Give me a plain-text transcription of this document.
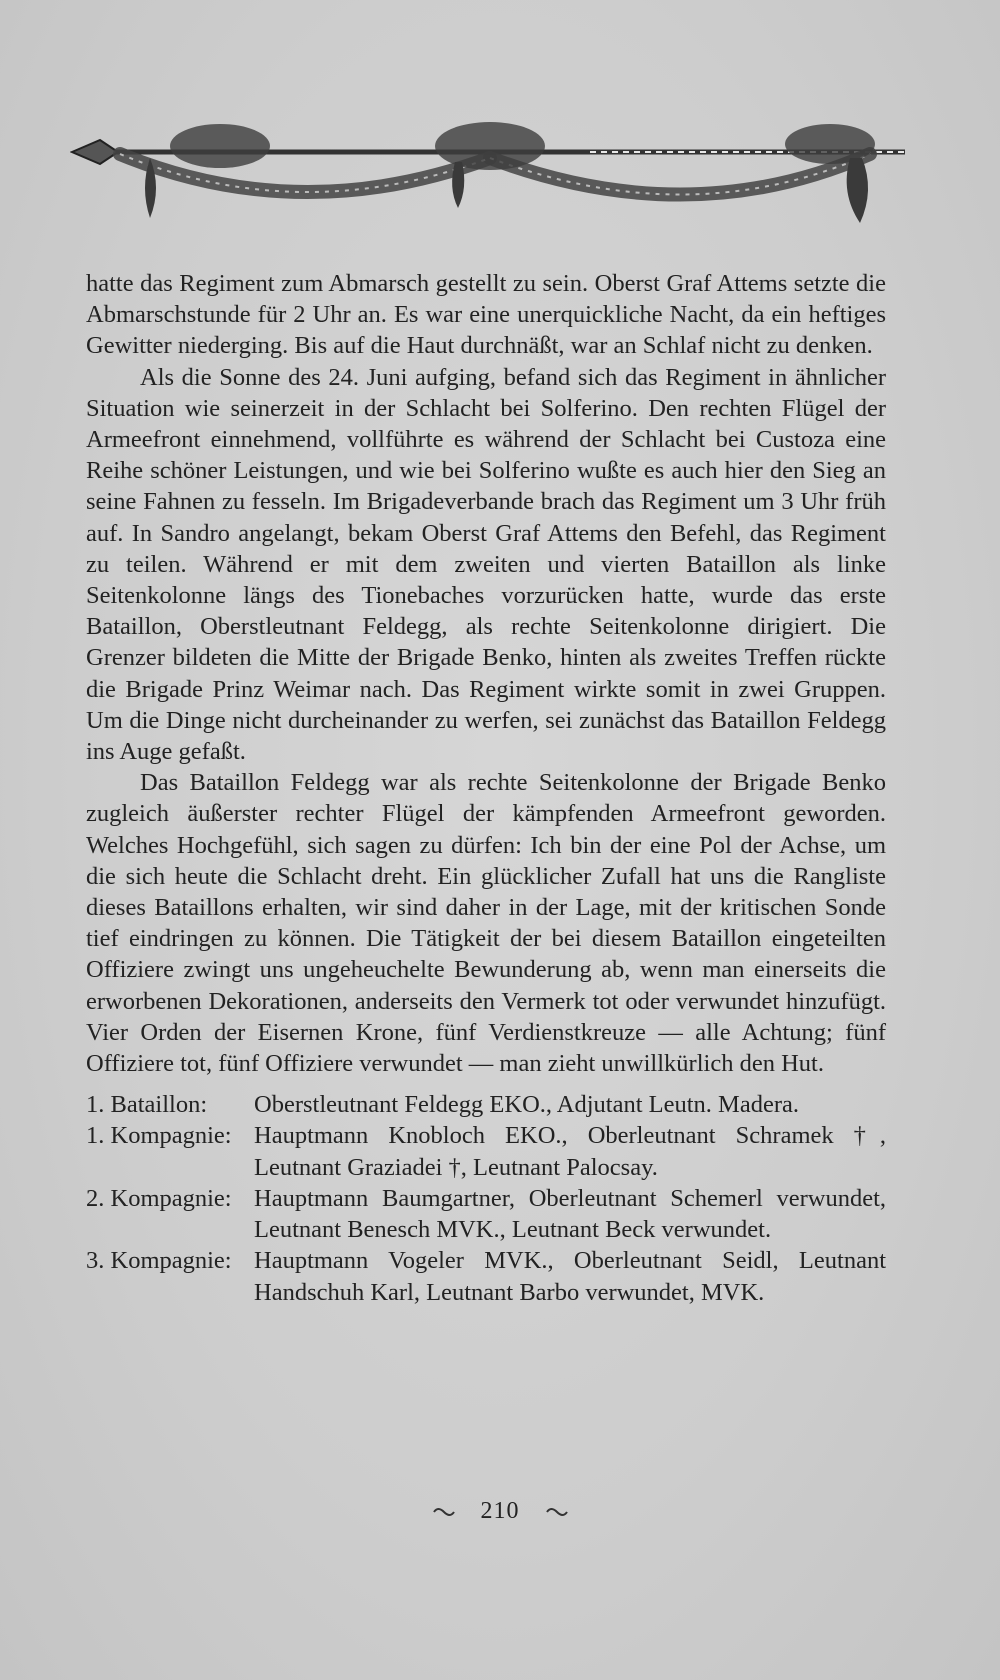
hatte das Regiment zum Abmarsch gestellt zu sein. Oberst Graf Attems setzte die Abmarschstunde für 2 Uhr an. Es war eine unerquickliche Nacht, da ein heftiges Gewitter niederging. Bis auf die Haut durchnäßt, war an Schlaf nicht zu denken.

Als die Sonne des 24. Juni aufging, befand sich das Regiment in ähnlicher Situation wie seinerzeit in der Schlacht bei Solferino. Den rechten Flügel der Armeefront einnehmend, vollführte es während der Schlacht bei Custoza eine Reihe schöner Leistungen, und wie bei Solferino wußte es auch hier den Sieg an seine Fahnen zu fesseln. Im Brigadeverbande brach das Regiment um 3 Uhr früh auf. In Sandro angelangt, bekam Oberst Graf Attems den Befehl, das Regiment zu teilen. Während er mit dem zweiten und vierten Bataillon als linke Seitenkolonne längs des Tionebaches vorzurücken hatte, wurde das erste Bataillon, Oberstleutnant Feldegg, als rechte Seitenkolonne dirigiert. Die Grenzer bildeten die Mitte der Brigade Benko, hinten als zweites Treffen rückte die Brigade Prinz Weimar nach. Das Regiment wirkte somit in zwei Gruppen. Um die Dinge nicht durcheinander zu werfen, sei zunächst das Bataillon Feldegg ins Auge gefaßt.

Das Bataillon Feldegg war als rechte Seitenkolonne der Brigade Benko zugleich äußerster rechter Flügel der kämpfenden Armeefront geworden. Welches Hochgefühl, sich sagen zu dürfen: Ich bin der eine Pol der Achse, um die sich heute die Schlacht dreht. Ein glücklicher Zufall hat uns die Rangliste dieses Bataillons erhalten, wir sind daher in der Lage, mit der kritischen Sonde tief eindringen zu können. Die Tätigkeit der bei diesem Bataillon eingeteilten Offiziere zwingt uns ungeheuchelte Bewunderung ab, wenn man einerseits die erworbenen Dekorationen, anderseits den Vermerk tot oder verwundet hinzufügt. Vier Orden der Eisernen Krone, fünf Verdienstkreuze — alle Achtung; fünf Offiziere tot, fünf Offiziere verwundet — man zieht unwillkürlich den Hut.

1. Bataillon:	Oberstleutnant Feldegg EKO., Adjutant Leutn. Madera.
1. Kompagnie: Hauptmann Knobloch EKO., Oberleutnant Schramek †, Leutnant Graziadei †, Leutnant Palocsay.
2. Kompagnie: Hauptmann Baumgartner, Oberleutnant Schemerl verwundet, Leutnant Benesch MVK., Leutnant Beck verwundet.
3. Kompagnie: Hauptmann Vogeler MVK., Oberleutnant Seidl, Leutnant Handschuh Karl, Leutnant Barbo verwundet, MVK.
210
